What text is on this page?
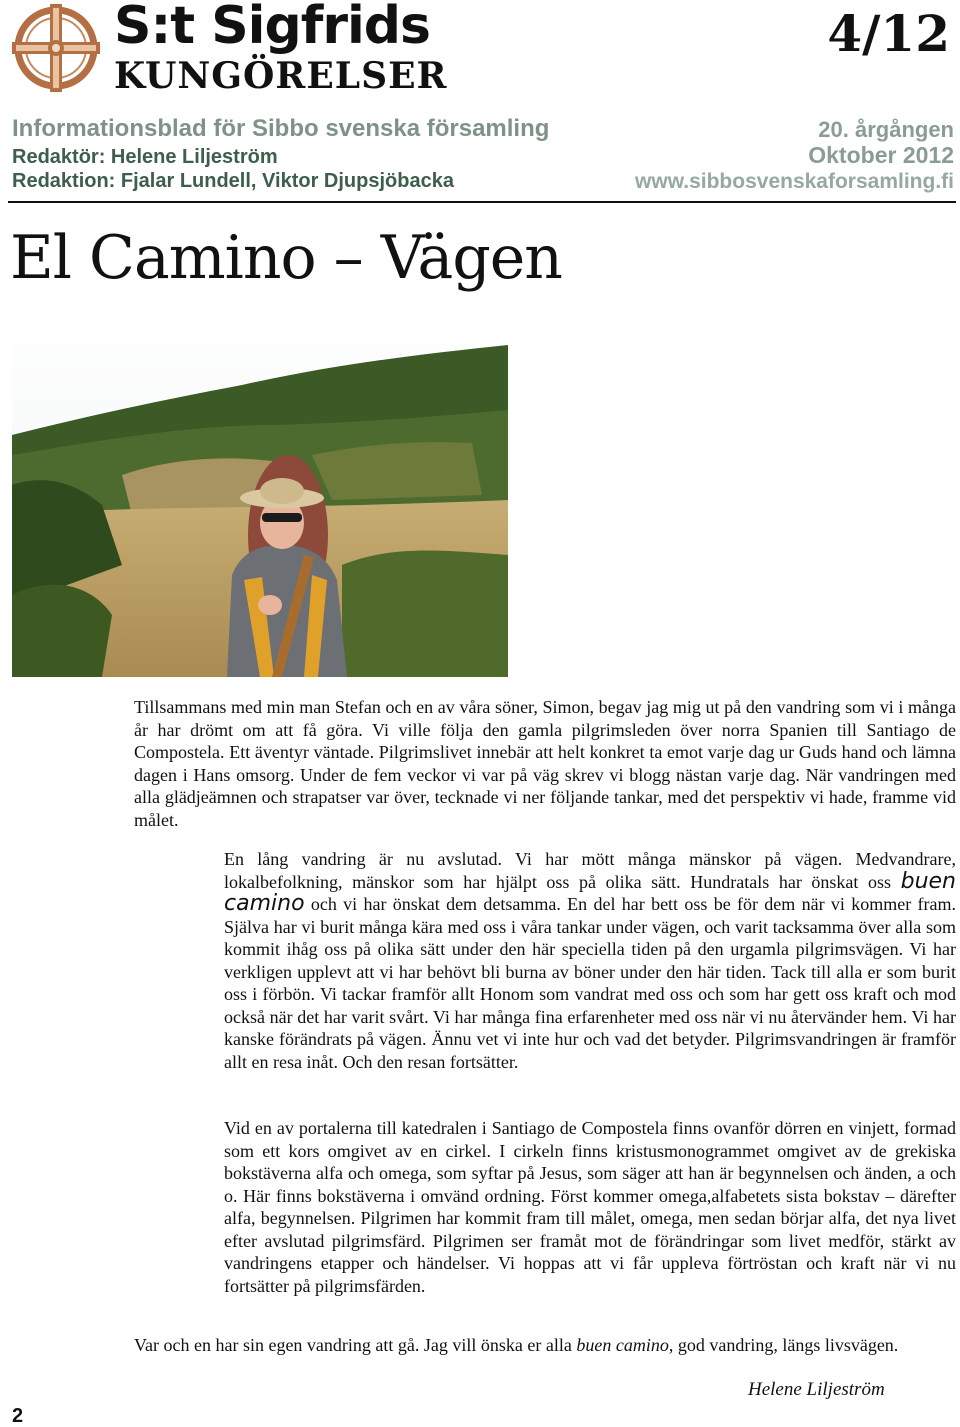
S:t Sigfrids
KUNGÖRELSER
4/12
Informationsblad för Sibbo svenska församling
Redaktör: Helene Liljeström
Redaktion: Fjalar Lundell, Viktor Djupsjöbacka
20. årgången
Oktober 2012
www.sibbosvenskaforsamling.fi
El Camino – Vägen
Tillsammans med min man Stefan och en av våra söner, Simon, begav jag mig ut på den vandring som vi i många år har drömt om att få göra. Vi ville följa den gamla pilgrimsleden över norra Spanien till Santiago de Compostela. Ett äventyr väntade. Pilgrimslivet innebär att helt konkret ta emot varje dag ur Guds hand och lämna dagen i Hans omsorg. Under de fem veckor vi var på väg skrev vi blogg nästan varje dag. När vandringen med alla glädjeämnen och strapatser var över, tecknade vi ner följande tankar, med det perspektiv vi hade, framme vid målet.
En lång vandring är nu avslutad. Vi har mött många mänskor på vägen. Medvandrare, lokalbefolkning, mänskor som har hjälpt oss på olika sätt. Hundratals har önskat oss buen camino och vi har önskat dem detsamma. En del har bett oss be för dem när vi kommer fram. Själva har vi burit många kära med oss i våra tankar under vägen, och varit tacksamma över alla som kommit ihåg oss på olika sätt under den här speciella tiden på den urgamla pilgrimsvägen. Vi har verkligen upplevt att vi har behövt bli burna av böner under den här tiden. Tack till alla er som burit oss i förbön. Vi tackar framför allt Honom som vandrat med oss och som har gett oss kraft och mod också när det har varit svårt. Vi har många fina erfarenheter med oss när vi nu återvänder hem. Vi har kanske förändrats på vägen. Ännu vet vi inte hur och vad det betyder. Pilgrimsvandringen är framför allt en resa inåt. Och den resan fortsätter.
Vid en av portalerna till katedralen i Santiago de Compostela finns ovanför dörren en vinjett, formad som ett kors omgivet av en cirkel. I cirkeln finns kristusmonogrammet omgivet av de grekiska bokstäverna alfa och omega, som syftar på Jesus, som säger att han är begynnelsen och änden, a och o. Här finns bokstäverna i omvänd ordning. Först kommer omega,alfabetets sista bokstav – därefter alfa, begynnelsen. Pilgrimen har kommit fram till målet, omega, men sedan börjar alfa, det nya livet efter avslutad pilgrimsfärd. Pilgrimen ser framåt mot de förändringar som livet medför, stärkt av vandringens etapper och händelser. Vi hoppas att vi får uppleva förtröstan och kraft när vi nu fortsätter på pilgrimsfärden.
Var och en har sin egen vandring att gå. Jag vill önska er alla buen camino, god vandring, längs livsvägen.
Helene Liljeström
2
